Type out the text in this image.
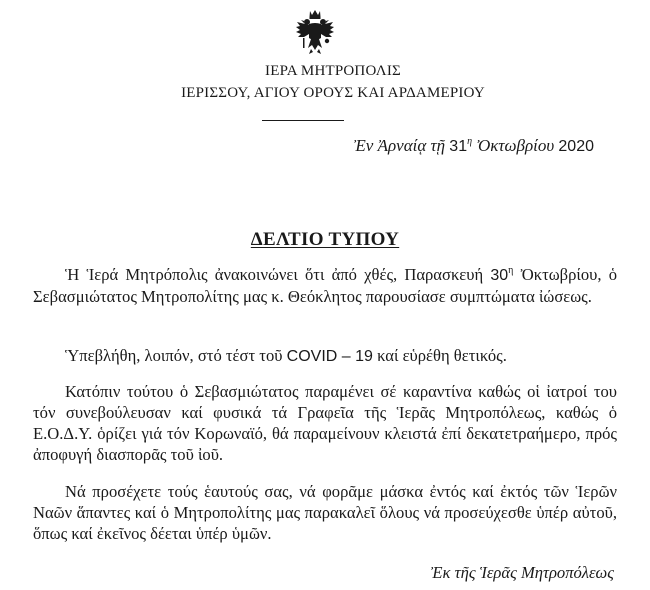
ΙΕΡΑ ΜΗΤΡΟΠΟΛΙΣ
ΙΕΡΙΣΣΟΥ, ΑΓΙΟΥ ΟΡΟΥΣ ΚΑΙ ΑΡΔΑΜΕΡΙΟΥ
Ἐν Ἀρναίᾳ τῇ $31^\eta$ Ὀκτωβρίου 2020
ΔΕΛΤΙΟ ΤΥΠΟΥ

Ἡ Ἱερά Μητρόπολις ἀνακοινώνει ὅτι ἀπό χθές, Παρασκευή $30^\eta$ Ὀκτωβρίου, ὁ Σεβασμιώτατος Μητροπολίτης μας κ. Θεόκλητος παρουσίασε συμπτώματα ἰώσεως.

Ὑπεβλήθη, λοιπόν, στό τέστ τοῦ COVID – 19 καί εὑρέθη θετικός.

Κατόπιν τούτου ὁ Σεβασμιώτατος παραμένει σέ καραντίνα καθώς οἱ ἰατροί του τόν συνεβούλευσαν καί φυσικά τά Γραφεῖα τῆς Ἱερᾶς Μητροπόλεως, καθώς ὁ Ε.Ο.Δ.Υ. ὁρίζει γιά τόν Κορωναϊό, θά παραμείνουν κλειστά ἐπί δεκατετραήμερο, πρός ἀποφυγή διασπορᾶς τοῦ ἰοῦ.

Νά προσέχετε τούς ἑαυτούς σας, νά φορᾶμε μάσκα ἐντός καί ἐκτός τῶν Ἱερῶν Ναῶν ἅπαντες καί ὁ Μητροπολίτης μας παρακαλεῖ ὅλους νά προσεύχεσθε ὑπέρ αὐτοῦ, ὅπως καί ἐκεῖνος δέεται ὑπέρ ὑμῶν.

Ἐκ τῆς Ἱερᾶς Μητροπόλεως
